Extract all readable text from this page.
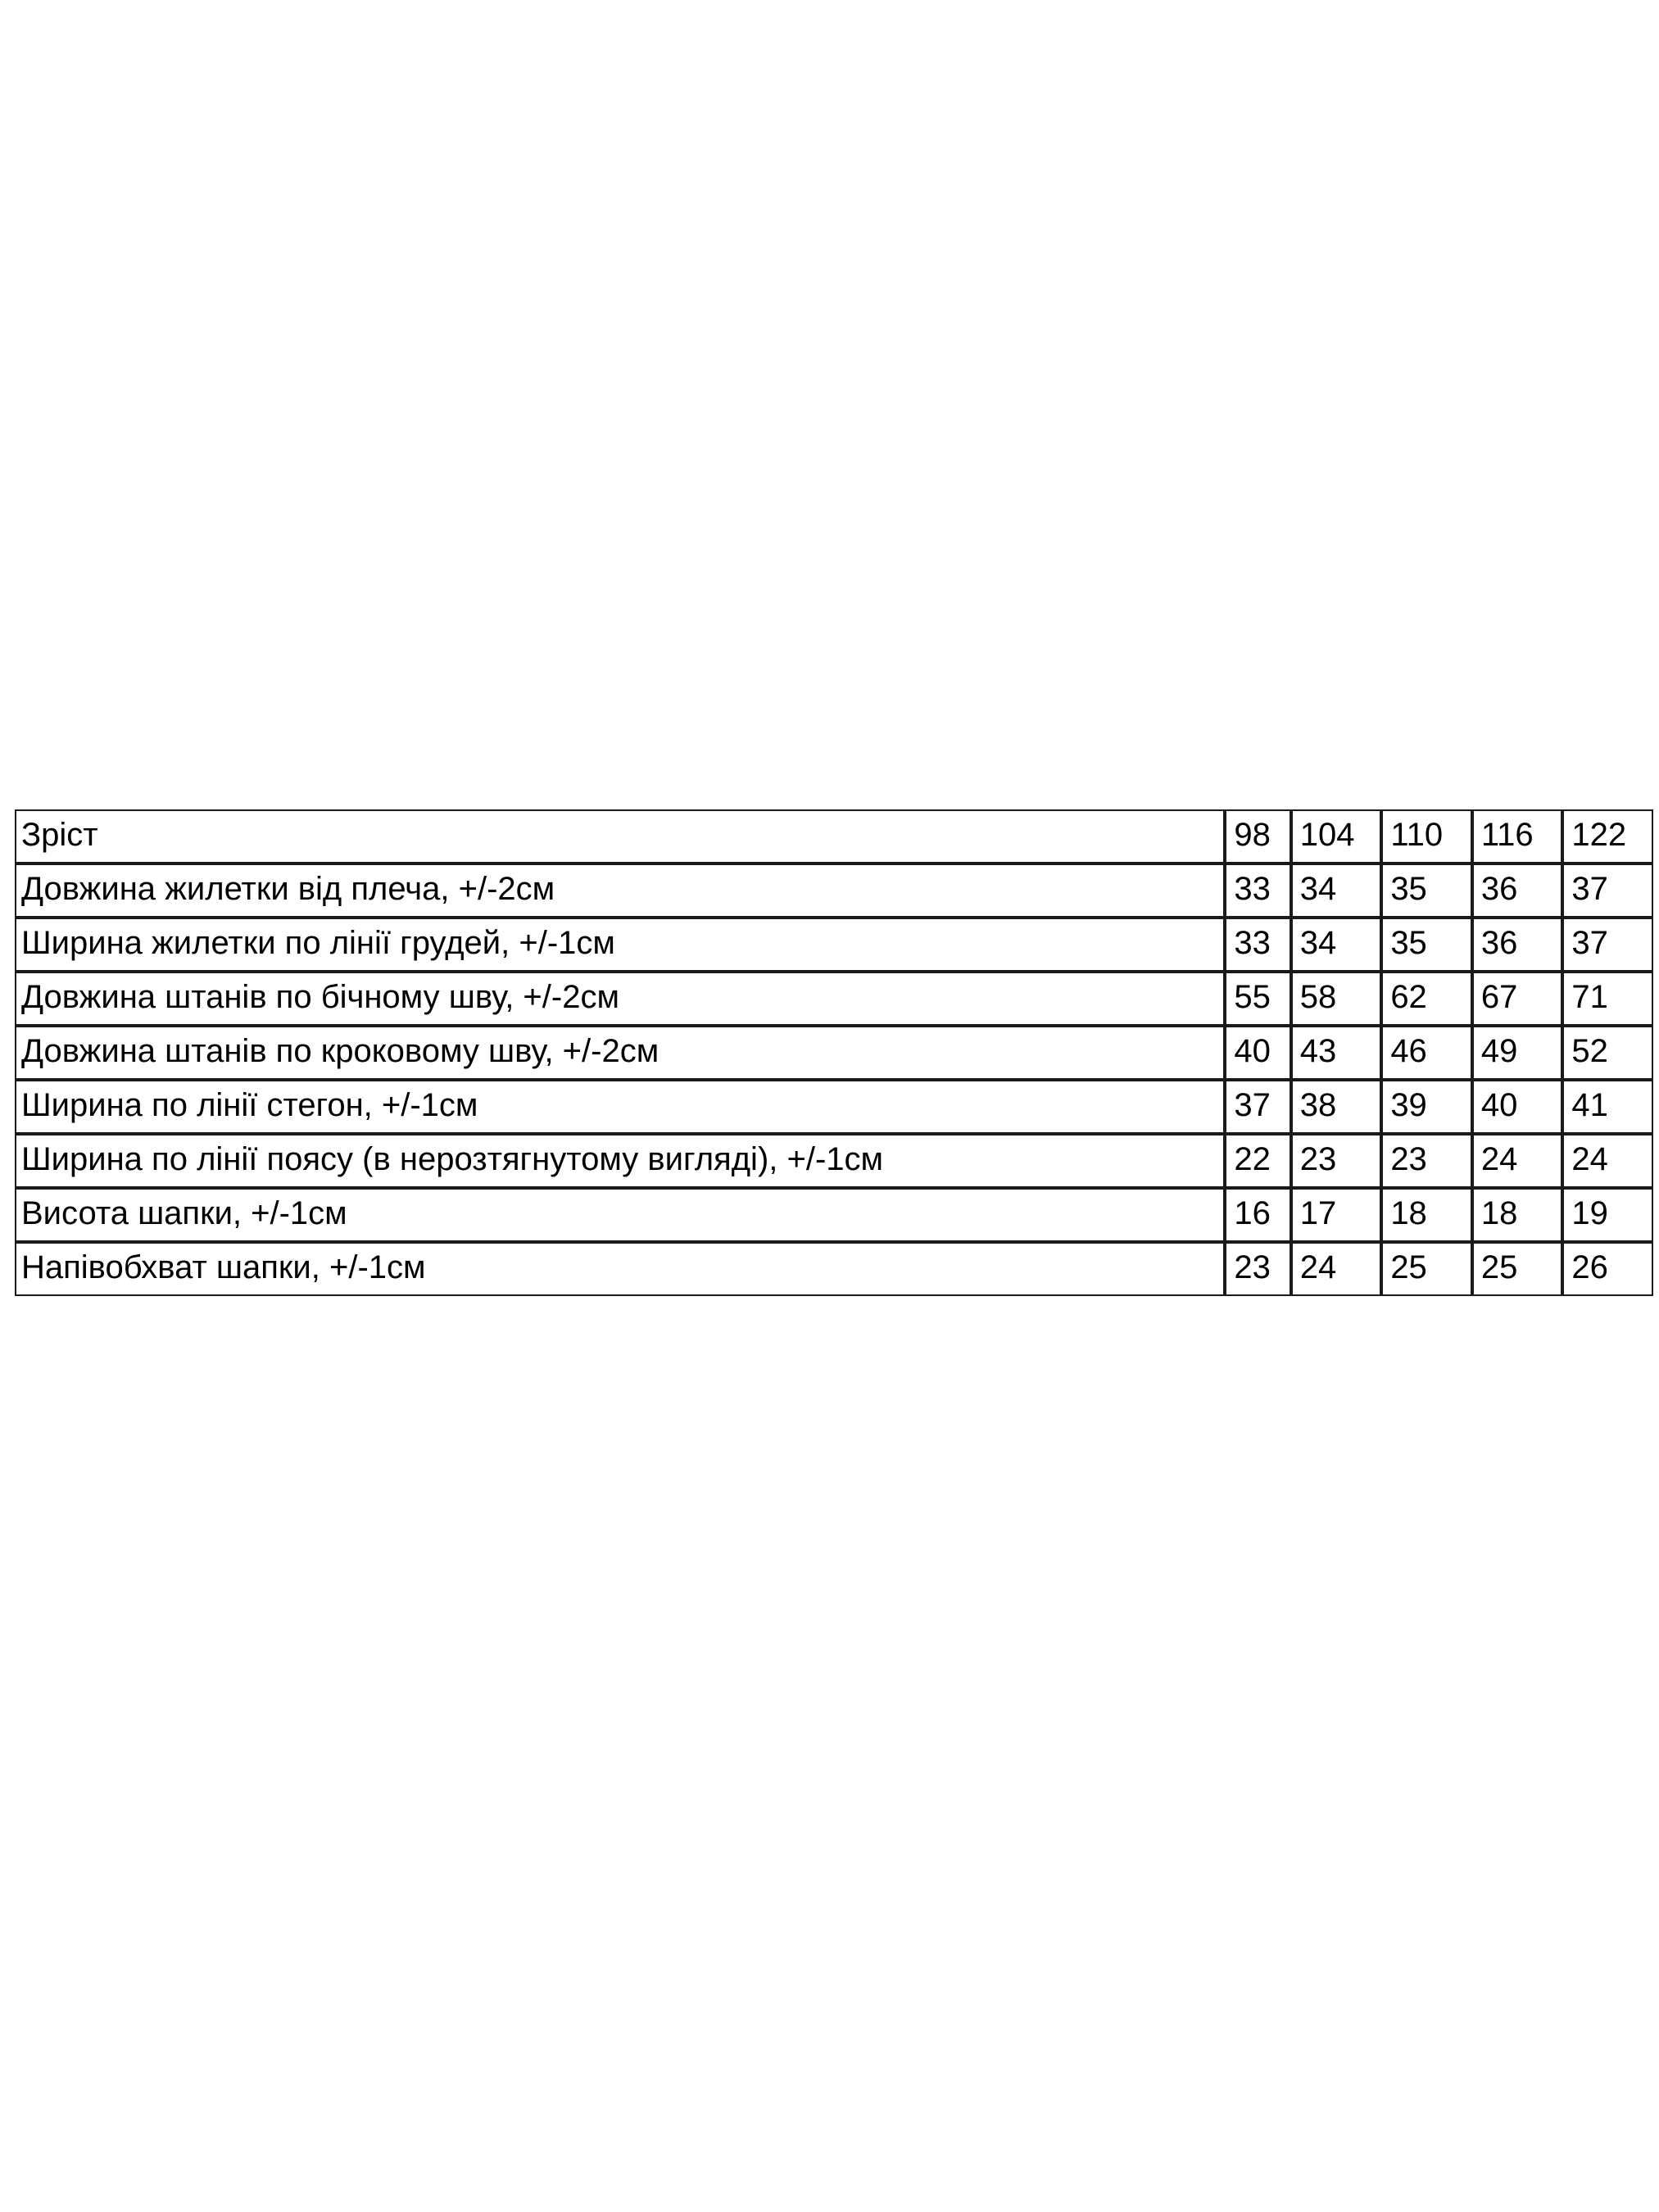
Зріст	98	104	110	116	122
Довжина жилетки від плеча, +/-2см	33	34	35	36	37
Ширина жилетки по лінії грудей, +/-1см	33	34	35	36	37
Довжина штанів по бічному шву, +/-2см	55	58	62	67	71
Довжина штанів по кроковому шву, +/-2см	40	43	46	49	52
Ширина по лінії стегон, +/-1см	37	38	39	40	41
Ширина по лінії поясу (в нерозтягнутому вигляді), +/-1см	22	23	23	24	24
Висота шапки, +/-1см	16	17	18	18	19
Напівобхват шапки, +/-1см	23	24	25	25	26
